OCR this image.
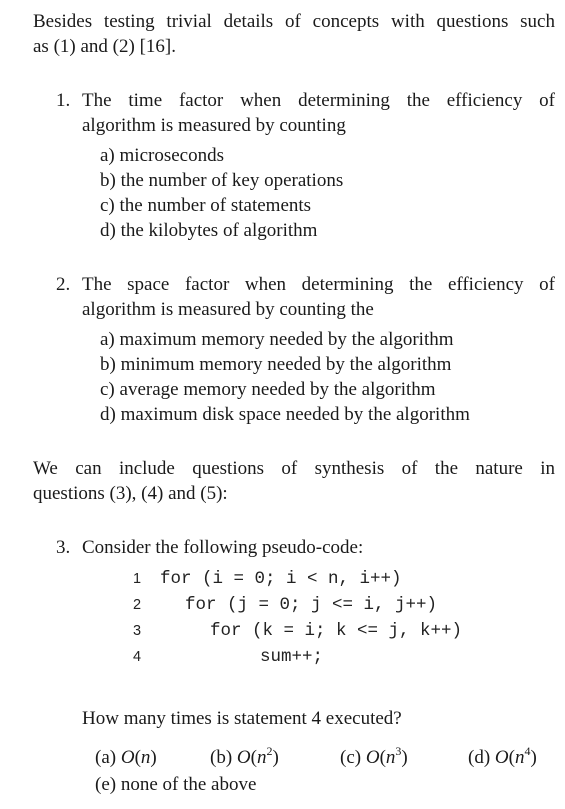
Besides testing trivial details of concepts with questions such
as (1) and (2) [16].
1. The time factor when determining the efficiency of
algorithm is measured by counting
a) microseconds
b) the number of key operations
c) the number of statements
d) the kilobytes of algorithm
2. The space factor when determining the efficiency of
algorithm is measured by counting the
a) maximum memory needed by the algorithm
b) minimum memory needed by the algorithm
c) average memory needed by the algorithm
d) maximum disk space needed by the algorithm
We can include questions of synthesis of the nature in
questions (3), (4) and (5):
3. Consider the following pseudo-code:
1 for (i = 0; i < n, i++)
2	for (j = 0; j <= i, j++)
3	for (k = i; k <= j, k++)
4	sum++;
How many times is statement 4 executed?
(a) O(n)	(b) $O(n^2)$	(c) $O(n^3)$	(d) $O(n^4)$
(e) none of the above
